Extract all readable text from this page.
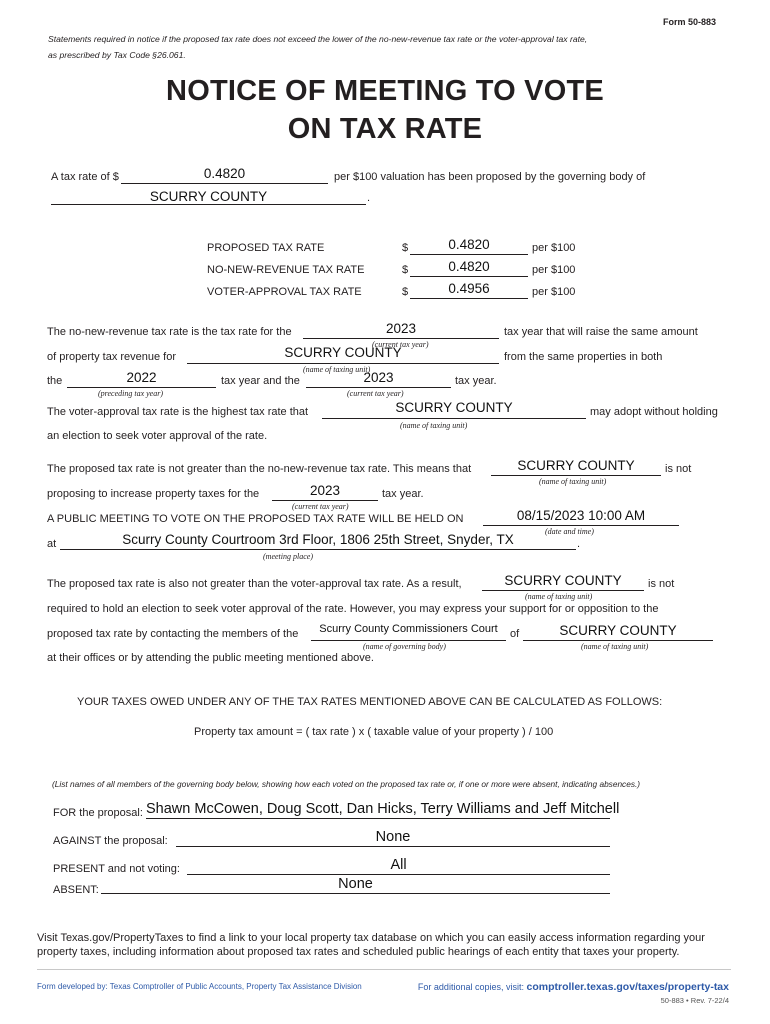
Form 50-883
Statements required in notice if the proposed tax rate does not exceed the lower of the no-new-revenue tax rate or the voter-approval tax rate,
as prescribed by Tax Code §26.061.
NOTICE OF MEETING TO VOTE
ON TAX RATE
A tax rate of $	0.4820	per $100 valuation has been proposed by the governing body of
SCURRY COUNTY	.
PROPOSED TAX RATE	$	0.4820	per $100
NO-NEW-REVENUE TAX RATE	$	0.4820	per $100
VOTER-APPROVAL TAX RATE	$	0.4956	per $100
The no-new-revenue tax rate is the tax rate for the	2023	tax year that will raise the same amount
(current tax year)
of property tax revenue for	SCURRY COUNTY	from the same properties in both
(name of taxing unit)
the	2022	tax year and the	2023	tax year.
(preceding tax year)	(current tax year)
The voter-approval tax rate is the highest tax rate that	SCURRY COUNTY	may adopt without holding
(name of taxing unit)
an election to seek voter approval of the rate.
The proposed tax rate is not greater than the no-new-revenue tax rate. This means that	SCURRY COUNTY	is not
(name of taxing unit)
proposing to increase property taxes for the	2023	tax year.
(current tax year)
A PUBLIC MEETING TO VOTE ON THE PROPOSED TAX RATE WILL BE HELD ON	08/15/2023 10:00 AM
(date and time)
at	Scurry County Courtroom 3rd Floor, 1806 25th Street, Snyder, TX	.
(meeting place)
The proposed tax rate is also not greater than the voter-approval tax rate. As a result,	SCURRY COUNTY	is not
(name of taxing unit)
required to hold an election to seek voter approval of the rate. However, you may express your support for or opposition to the
proposed tax rate by contacting the members of the	Scurry County Commissioners Court	of	SCURRY COUNTY
(name of governing body)	(name of taxing unit)
at their offices or by attending the public meeting mentioned above.
YOUR TAXES OWED UNDER ANY OF THE TAX RATES MENTIONED ABOVE CAN BE CALCULATED AS FOLLOWS:
Property tax amount = ( tax rate ) x ( taxable value of your property ) / 100
(List names of all members of the governing body below, showing how each voted on the proposed tax rate or, if one or more were absent, indicating absences.)
FOR the proposal: Shawn McCowen, Doug Scott, Dan Hicks, Terry Williams and Jeff Mitchell
AGAINST the proposal:	None
PRESENT and not voting:	All
ABSENT:	None
Visit Texas.gov/PropertyTaxes to find a link to your local property tax database on which you can easily access information regarding your
property taxes, including information about proposed tax rates and scheduled public hearings of each entity that taxes your property.
Form developed by: Texas Comptroller of Public Accounts, Property Tax Assistance Division	For additional copies, visit: comptroller.texas.gov/taxes/property-tax
50-883 • Rev. 7-22/4
